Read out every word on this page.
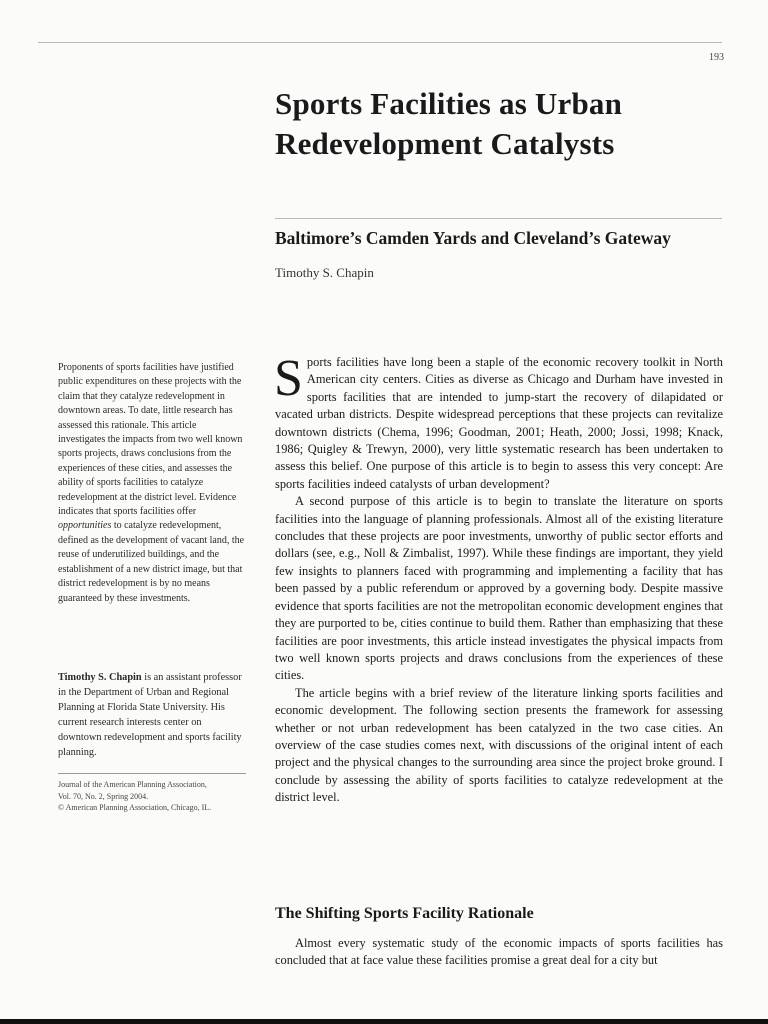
193
Sports Facilities as Urban Redevelopment Catalysts
Baltimore’s Camden Yards and Cleveland’s Gateway
Timothy S. Chapin
Proponents of sports facilities have justified public expenditures on these projects with the claim that they catalyze redevelopment in downtown areas. To date, little research has assessed this rationale. This article investigates the impacts from two well known sports projects, draws conclusions from the experiences of these cities, and assesses the ability of sports facilities to catalyze redevelopment at the district level. Evidence indicates that sports facilities offer opportunities to catalyze redevelopment, defined as the development of vacant land, the reuse of underutilized buildings, and the establishment of a new district image, but that district redevelopment is by no means guaranteed by these investments.
Timothy S. Chapin is an assistant professor in the Department of Urban and Regional Planning at Florida State University. His current research interests center on downtown redevelopment and sports facility planning.
Journal of the American Planning Association,
Vol. 70, No. 2, Spring 2004.
© American Planning Association, Chicago, IL.

Sports facilities have long been a staple of the economic recovery toolkit in North American city centers. Cities as diverse as Chicago and Durham have invested in sports facilities that are intended to jump-start the recovery of dilapidated or vacated urban districts. Despite widespread perceptions that these projects can revitalize downtown districts (Chema, 1996; Goodman, 2001; Heath, 2000; Jossi, 1998; Knack, 1986; Quigley & Trewyn, 2000), very little systematic research has been undertaken to assess this belief. One purpose of this article is to begin to assess this very concept: Are sports facilities indeed catalysts of urban development?

A second purpose of this article is to begin to translate the literature on sports facilities into the language of planning professionals. Almost all of the existing literature concludes that these projects are poor investments, unworthy of public sector efforts and dollars (see, e.g., Noll & Zimbalist, 1997). While these findings are important, they yield few insights to planners faced with programming and implementing a facility that has been passed by a public referendum or approved by a governing body. Despite massive evidence that sports facilities are not the metropolitan economic development engines that they are purported to be, cities continue to build them. Rather than emphasizing that these facilities are poor investments, this article instead investigates the physical impacts from two well known sports projects and draws conclusions from the experiences of these cities.

The article begins with a brief review of the literature linking sports facilities and economic development. The following section presents the framework for assessing whether or not urban redevelopment has been catalyzed in the two case cities. An overview of the case studies comes next, with discussions of the original intent of each project and the physical changes to the surrounding area since the project broke ground. I conclude by assessing the ability of sports facilities to catalyze redevelopment at the district level.

The Shifting Sports Facility Rationale

Almost every systematic study of the economic impacts of sports facilities has concluded that at face value these facilities promise a great deal for a city but
